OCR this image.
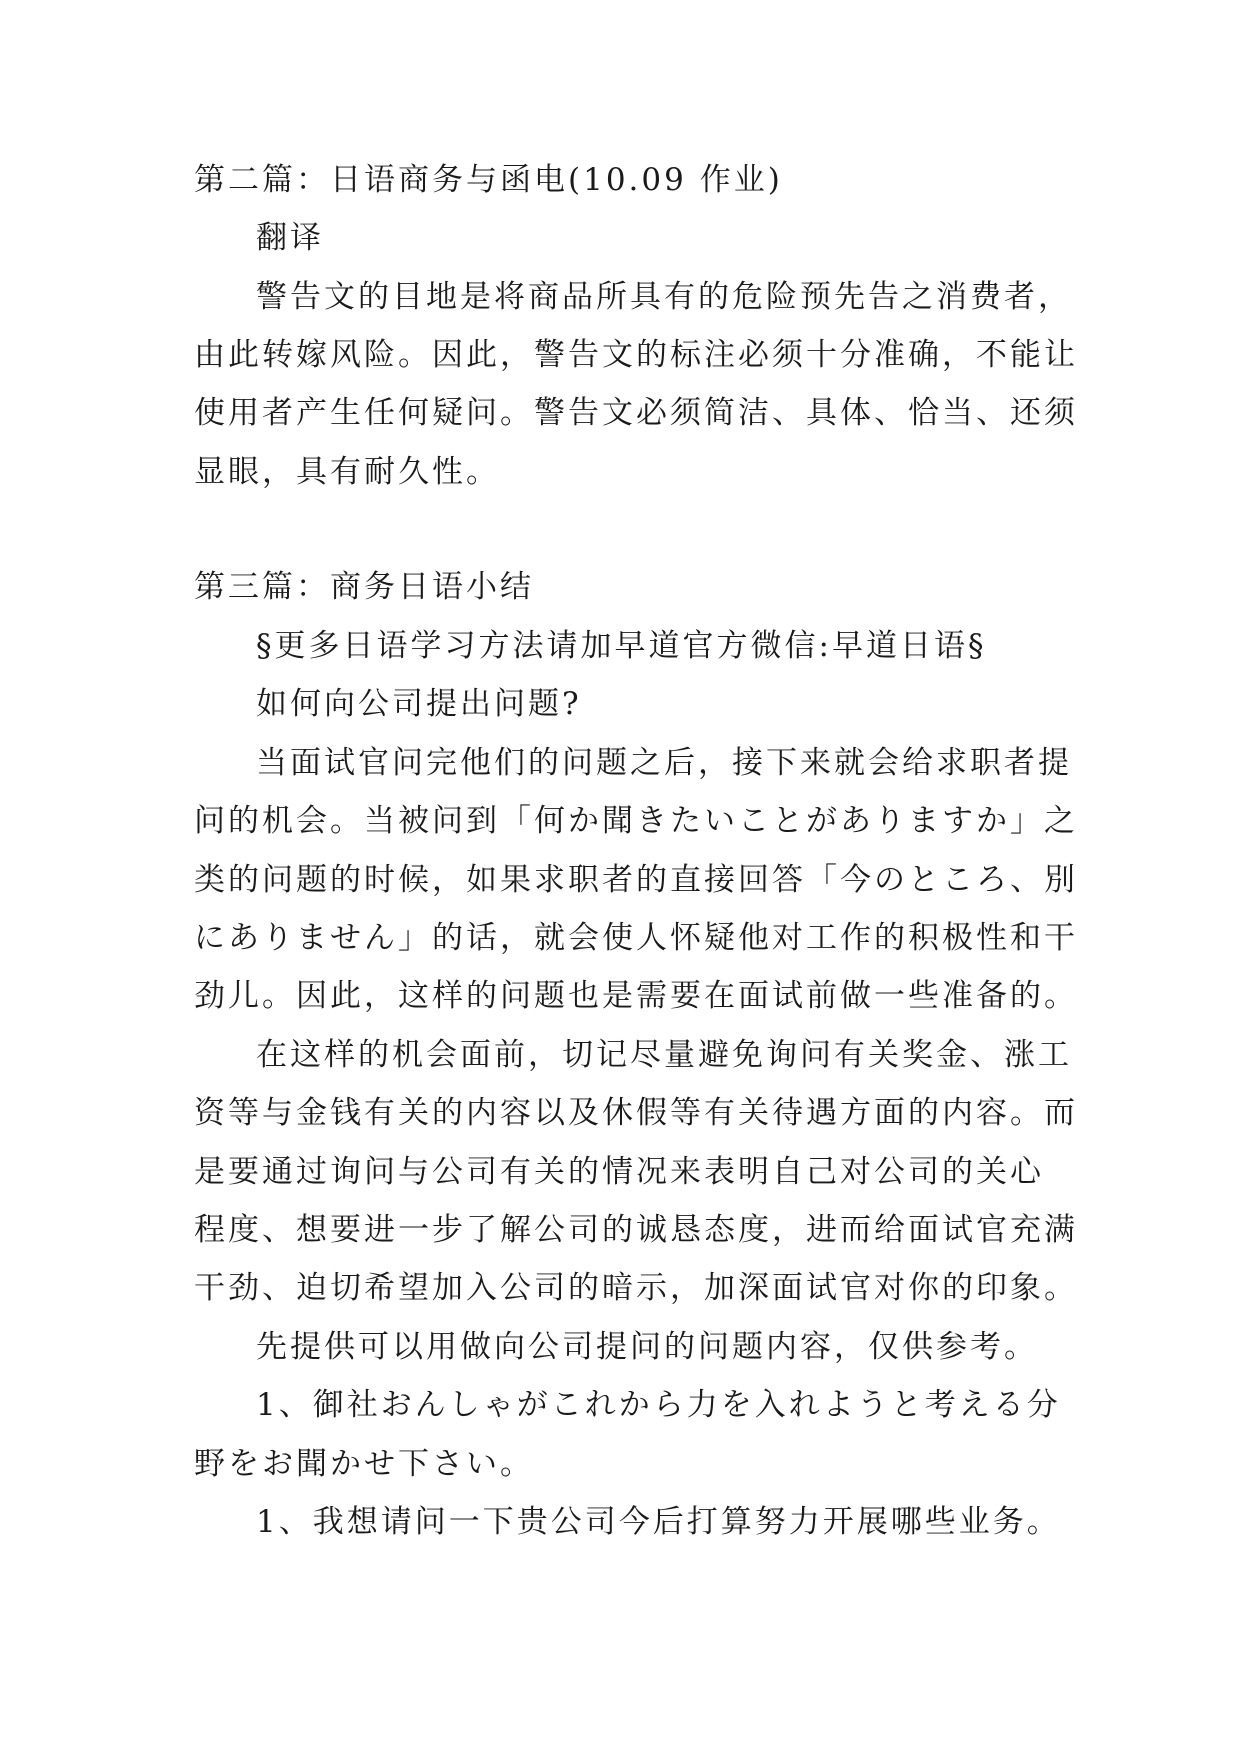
第二篇：日语商务与函电(10.09 作业)
翻译
警告文的目地是将商品所具有的危险预先告之消费者，
由此转嫁风险。因此，警告文的标注必须十分准确，不能让
使用者产生任何疑问。警告文必须简洁、具体、恰当、还须
显眼，具有耐久性。
第三篇：商务日语小结
§更多日语学习方法请加早道官方微信:早道日语§
如何向公司提出问题?
当面试官问完他们的问题之后，接下来就会给求职者提
问的机会。当被问到「何か聞きたいことがありますか」之
类的问题的时候，如果求职者的直接回答「今のところ、別
にありません」的话，就会使人怀疑他对工作的积极性和干
劲儿。因此，这样的问题也是需要在面试前做一些准备的。
在这样的机会面前，切记尽量避免询问有关奖金、涨工
资等与金钱有关的内容以及休假等有关待遇方面的内容。而
是要通过询问与公司有关的情况来表明自己对公司的关心
程度、想要进一步了解公司的诚恳态度，进而给面试官充满
干劲、迫切希望加入公司的暗示，加深面试官对你的印象。
先提供可以用做向公司提问的问题内容，仅供参考。
1、御社おんしゃがこれから力を入れようと考える分
野をお聞かせ下さい。
1、我想请问一下贵公司今后打算努力开展哪些业务。
